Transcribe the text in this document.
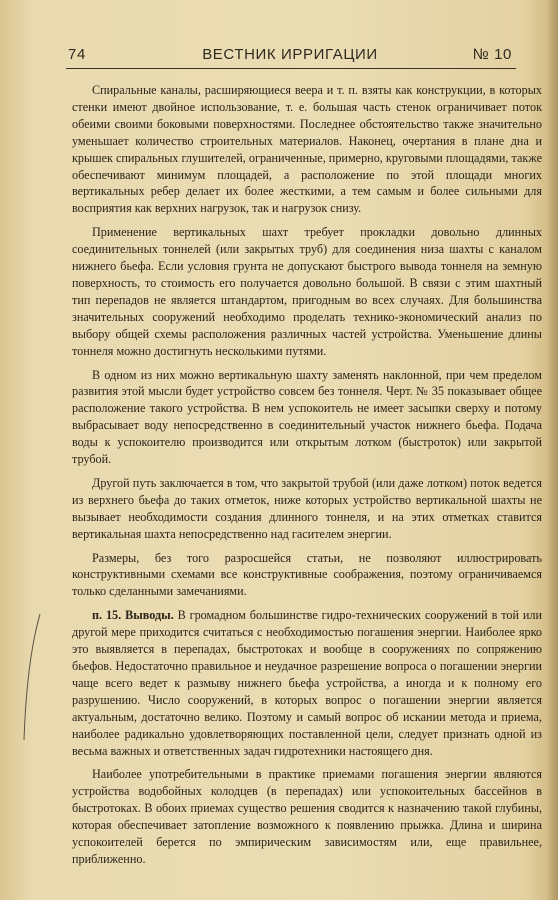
74	ВЕСТНИК ИРРИГАЦИИ	№ 10

Спиральные каналы, расширяющиеся веера и т. п. взяты как конструкции, в которых стенки имеют двойное использование, т. е. большая часть стенок ограничивает поток обеими своими боковыми поверхностями. Последнее обстоятельство также значительно уменьшает количество строительных материалов. Наконец, очертания в плане дна и крышек спиральных глушителей, ограниченные, примерно, круговыми площадями, также обеспечивают минимум площадей, а расположение по этой площади многих вертикальных ребер делает их более жесткими, а тем самым и более сильными для восприятия как верхних нагрузок, так и нагрузок снизу.

Применение вертикальных шахт требует прокладки довольно длинных соединительных тоннелей (или закрытых труб) для соединения низа шахты с каналом нижнего бьефа. Если условия грунта не допускают быстрого вывода тоннеля на земную поверхность, то стоимость его получается довольно большой. В связи с этим шахтный тип перепадов не является штандартом, пригодным во всех случаях. Для большинства значительных сооружений необходимо проделать технико-экономический анализ по выбору общей схемы расположения различных частей устройства. Уменьшение длины тоннеля можно достигнуть несколькими путями.

В одном из них можно вертикальную шахту заменять наклонной, при чем пределом развития этой мысли будет устройство совсем без тоннеля. Черт. № 35 показывает общее расположение такого устройства. В нем успокоитель не имеет засыпки сверху и потому выбрасывает воду непосредственно в соединительный участок нижнего бьефа. Подача воды к успокоителю производится или открытым лотком (быстроток) или закрытой трубой.

Другой путь заключается в том, что закрытой трубой (или даже лотком) поток ведется из верхнего бьефа до таких отметок, ниже которых устройство вертикальной шахты не вызывает необходимости создания длинного тоннеля, и на этих отметках ставится вертикальная шахта непосредственно над гасителем энергии.

Размеры, без того разросшейся статьи, не позволяют иллюстрировать конструктивными схемами все конструктивные соображения, поэтому ограничиваемся только сделанными замечаниями.

п. 15. Выводы. В громадном большинстве гидро-технических сооружений в той или другой мере приходится считаться с необходимостью погашения энергии. Наиболее ярко это выявляется в перепадах, быстротоках и вообще в сооружениях по сопряжению бьефов. Недостаточно правильное и неудачное разрешение вопроса о погашении энергии чаще всего ведет к размыву нижнего бьефа устройства, а иногда и к полному его разрушению. Число сооружений, в которых вопрос о погашении энергии является актуальным, достаточно велико. Поэтому и самый вопрос об искании метода и приема, наиболее радикально удовлетворяющих поставленной цели, следует признать одной из весьма важных и ответственных задач гидротехники настоящего дня.

Наиболее употребительными в практике приемами погашения энергии являются устройства водобойных колодцев (в перепадах) или успокоительных бассейнов в быстротоках. В обоих приемах существо решения сводится к назначению такой глубины, которая обеспечивает затопление возможного к появлению прыжка. Длина и ширина успокоителей берется по эмпирическим зависимостям или, еще правильнее, приближенно.
